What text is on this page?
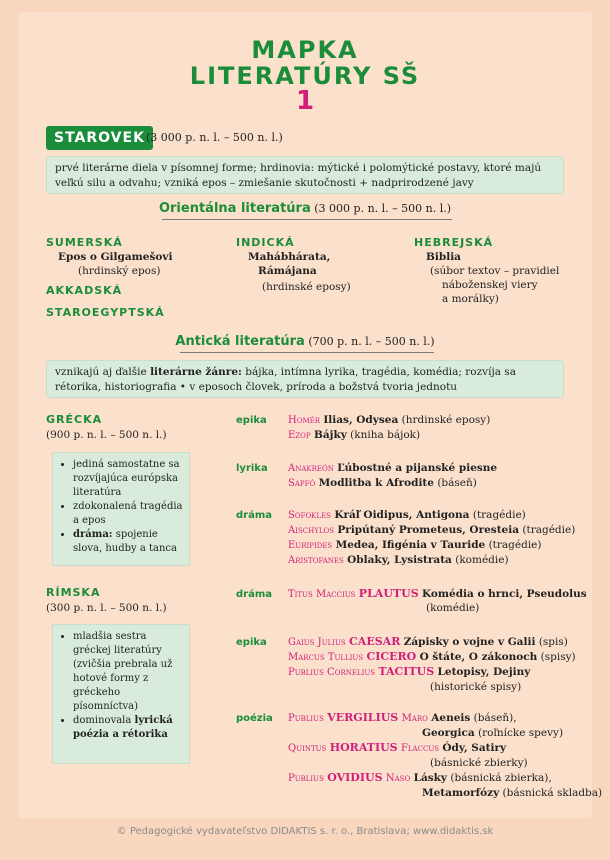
MAPKA
LITERATÚRY SŠ
1
STAROVEK (3 000 p. n. l. – 500 n. l.)
prvé literárne diela v písomnej forme; hrdinovia: mýtické i polomýtické postavy, ktoré majú veľkú silu a odvahu; vzniká epos – zmiešanie skutočnosti + nadprirodzené javy
Orientálna literatúra (3 000 p. n. l. – 500 n. l.)
SUMERSKÁ
Epos o Gilgamešovi
(hrdinský epos)
AKKADSKÁ
STAROEGYPTSKÁ
INDICKÁ
Mahábhárata,
Rámájana
(hrdinské eposy)
HEBREJSKÁ
Biblia
(súbor textov – pravidiel
náboženskej viery
a morálky)
Antická literatúra (700 p. n. l. – 500 n. l.)
vznikajú aj ďalšie literárne žánre: bájka, intímna lyrika, tragédia, komédia; rozvíja sa rétorika, historiografia • v eposoch človek, príroda a božstvá tvoria jednotu
GRÉCKA
(900 p. n. l. – 500 n. l.)
• jediná samostatne sa rozvíjajúca európska literatúra
• zdokonalená tragédia a epos
• dráma: spojenie slova, hudby a tanca
epika Homér Ilias, Odysea (hrdinské eposy)
Ezop Bájky (kniha bájok)
lyrika Anakreón Ľúbostné a pijanské piesne
Sapfó Modlitba k Afrodite (báseň)
dráma Sofokles Kráľ Oidipus, Antigona (tragédie)
Aischylos Pripútaný Prometeus, Oresteia (tragédie)
Euripides Medea, Ifigénia v Tauride (tragédie)
Aristofanes Oblaky, Lysistrata (komédie)
RÍMSKA
(300 p. n. l. – 500 n. l.)
• mladšia sestra gréckej literatúry (zvičšia prebrala už hotové formy z gréckeho písomníctva)
• dominovala lyrická poézia a rétorika
dráma Titus Maccius PLAUTUS Komédia o hrnci, Pseudolus
(komédie)
epika Gaius Julius CAESAR Zápisky o vojne v Galii (spis)
Marcus Tullius CICERO O štáte, O zákonoch (spisy)
Publius Cornelius TACITUS Letopisy, Dejiny
(historické spisy)
poézia Publius VERGILIUS Maro Aeneis (báseň),
Georgica (roľnícke spevy)
Quintus HORATIUS Flaccus Ódy, Satiry
(básnické zbierky)
Publius OVIDIUS Naso Lásky (básnická zbierka),
Metamorfózy (básnická skladba)
© Pedagogické vydavateľstvo DIDAKTIS s. r. o., Bratislava; www.didaktis.sk
